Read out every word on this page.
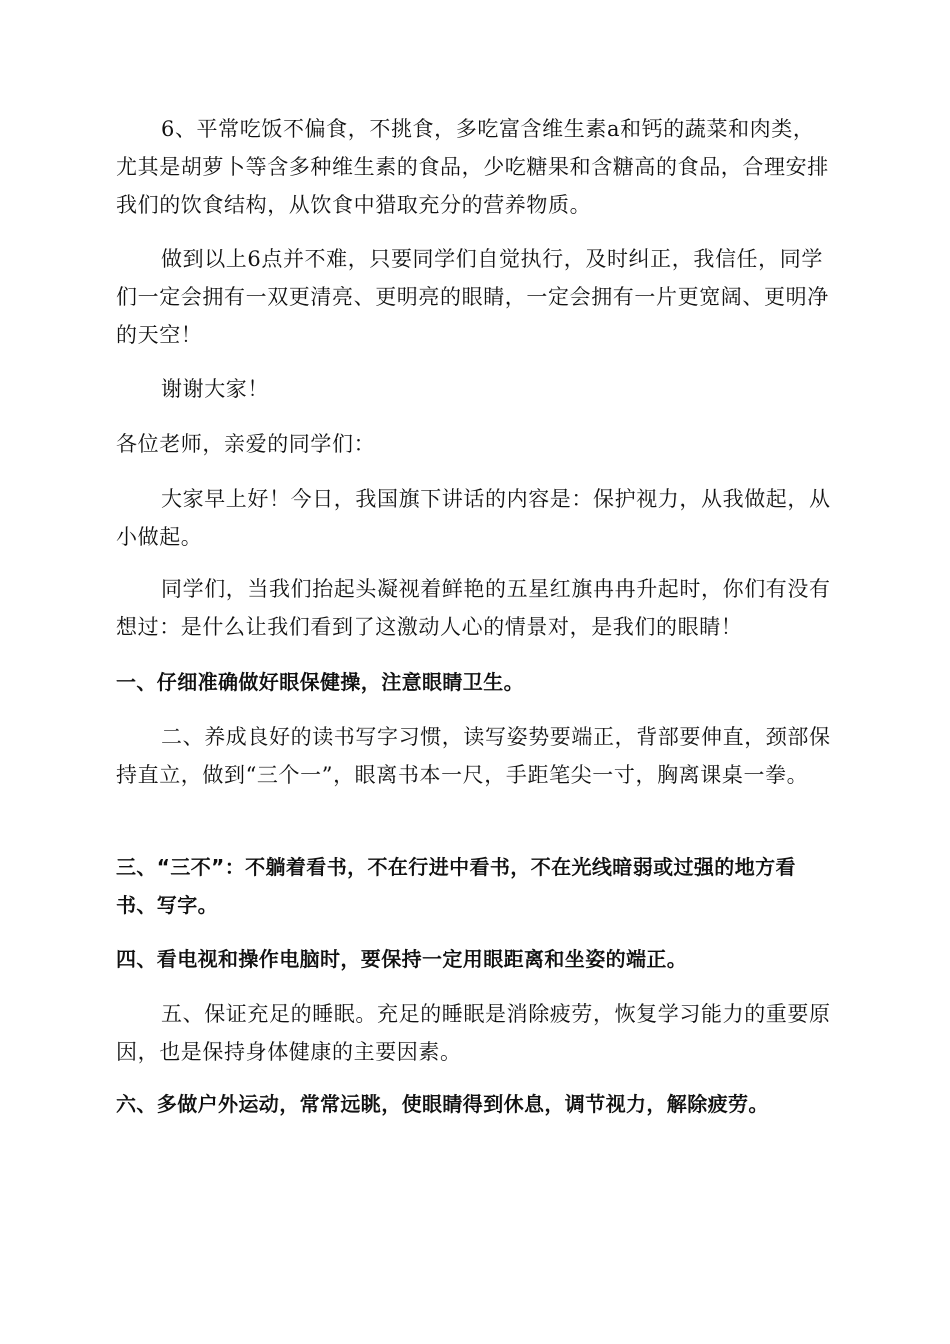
6、平常吃饭不偏食，不挑食，多吃富含维生素a和钙的蔬菜和肉类，尤其是胡萝卜等含多种维生素的食品，少吃糖果和含糖高的食品，合理安排我们的饮食结构，从饮食中猎取充分的营养物质。
做到以上6点并不难，只要同学们自觉执行，及时纠正，我信任，同学们一定会拥有一双更清亮、更明亮的眼睛，一定会拥有一片更宽阔、更明净的天空！
谢谢大家！
各位老师，亲爱的同学们：
大家早上好！今日，我国旗下讲话的内容是：保护视力，从我做起，从小做起。
同学们，当我们抬起头凝视着鲜艳的五星红旗冉冉升起时，你们有没有想过：是什么让我们看到了这激动人心的情景对，是我们的眼睛！
一、仔细准确做好眼保健操，注意眼睛卫生。
二、养成良好的读书写字习惯，读写姿势要端正，背部要伸直，颈部保持直立，做到“三个一”，眼离书本一尺，手距笔尖一寸，胸离课桌一拳。
三、“三不”：不躺着看书，不在行进中看书，不在光线暗弱或过强的地方看书、写字。
四、看电视和操作电脑时，要保持一定用眼距离和坐姿的端正。
五、保证充足的睡眠。充足的睡眠是消除疲劳，恢复学习能力的重要原因，也是保持身体健康的主要因素。
六、多做户外运动，常常远眺，使眼睛得到休息，调节视力，解除疲劳。
